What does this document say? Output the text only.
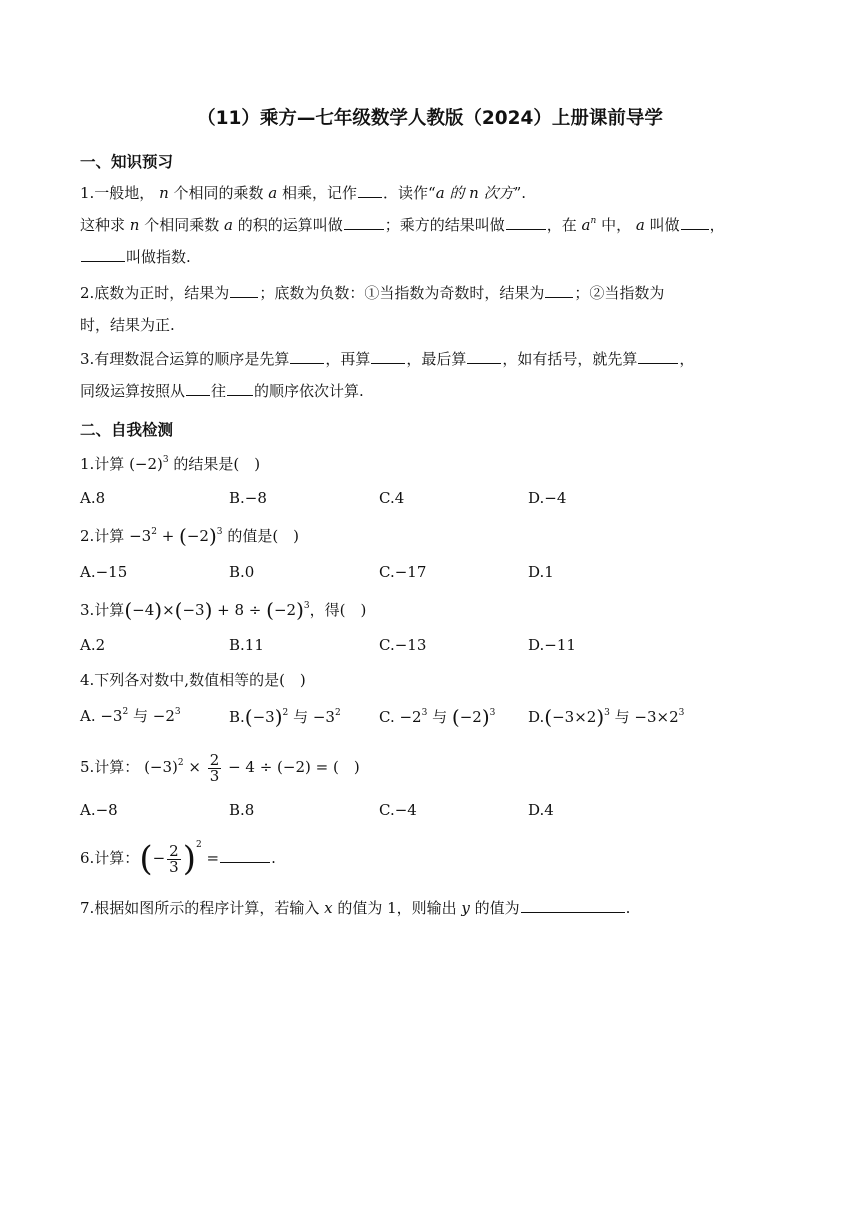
（11）乘方—七年级数学人教版（2024）上册课前导学
一、知识预习
1.一般地， n 个相同的乘数 a 相乘，记作 ．读作“a 的 n 次方”.
这种求 n 个相同乘数 a 的积的运算叫做	；乘方的结果叫做	，在 $a^n$ 中， a 叫做 ，
叫做指数.
2.底数为正时，结果为 ；底数为负数：①当指数为奇数时，结果为 ；②当指数为
时，结果为正.
3.有理数混合运算的顺序是先算 ，再算 ，最后算 ，如有括号，就先算	，
同级运算按照从 往 的顺序依次计算.
二、自我检测
1.计算 $(-2)^3$ 的结果是(　)
A.8	B.−8	C.4	D.−4
2.计算 $-3^2 + (-2)^3$ 的值是(　)
A.−15	B.0	C.−17	D.1
3.计算$(-4)\times(-3) + 8 \div (-2)^3$，得(　)
A.2	B.11	C.−13	D.−11
4.下列各对数中,数值相等的是(　)
A. $-3^2$ 与 $-2^3$	$B.(-3)^2$ 与 $-3^2$	C. $-2^3$ 与 $(-2)^3$ $D.(-3\times 2)^3$ 与 $-3\times 2^3$
5.计算： $(-3)^2 \times \frac{2}{3} - 4 \div (-2)$ = (　)
A.−8	B.8	C.−4	D.4
6.计算：(− $\frac{2}{3} )^2$ =	.
7.根据如图所示的程序计算，若输入 x 的值为 1，则输出 y 的值为	.
